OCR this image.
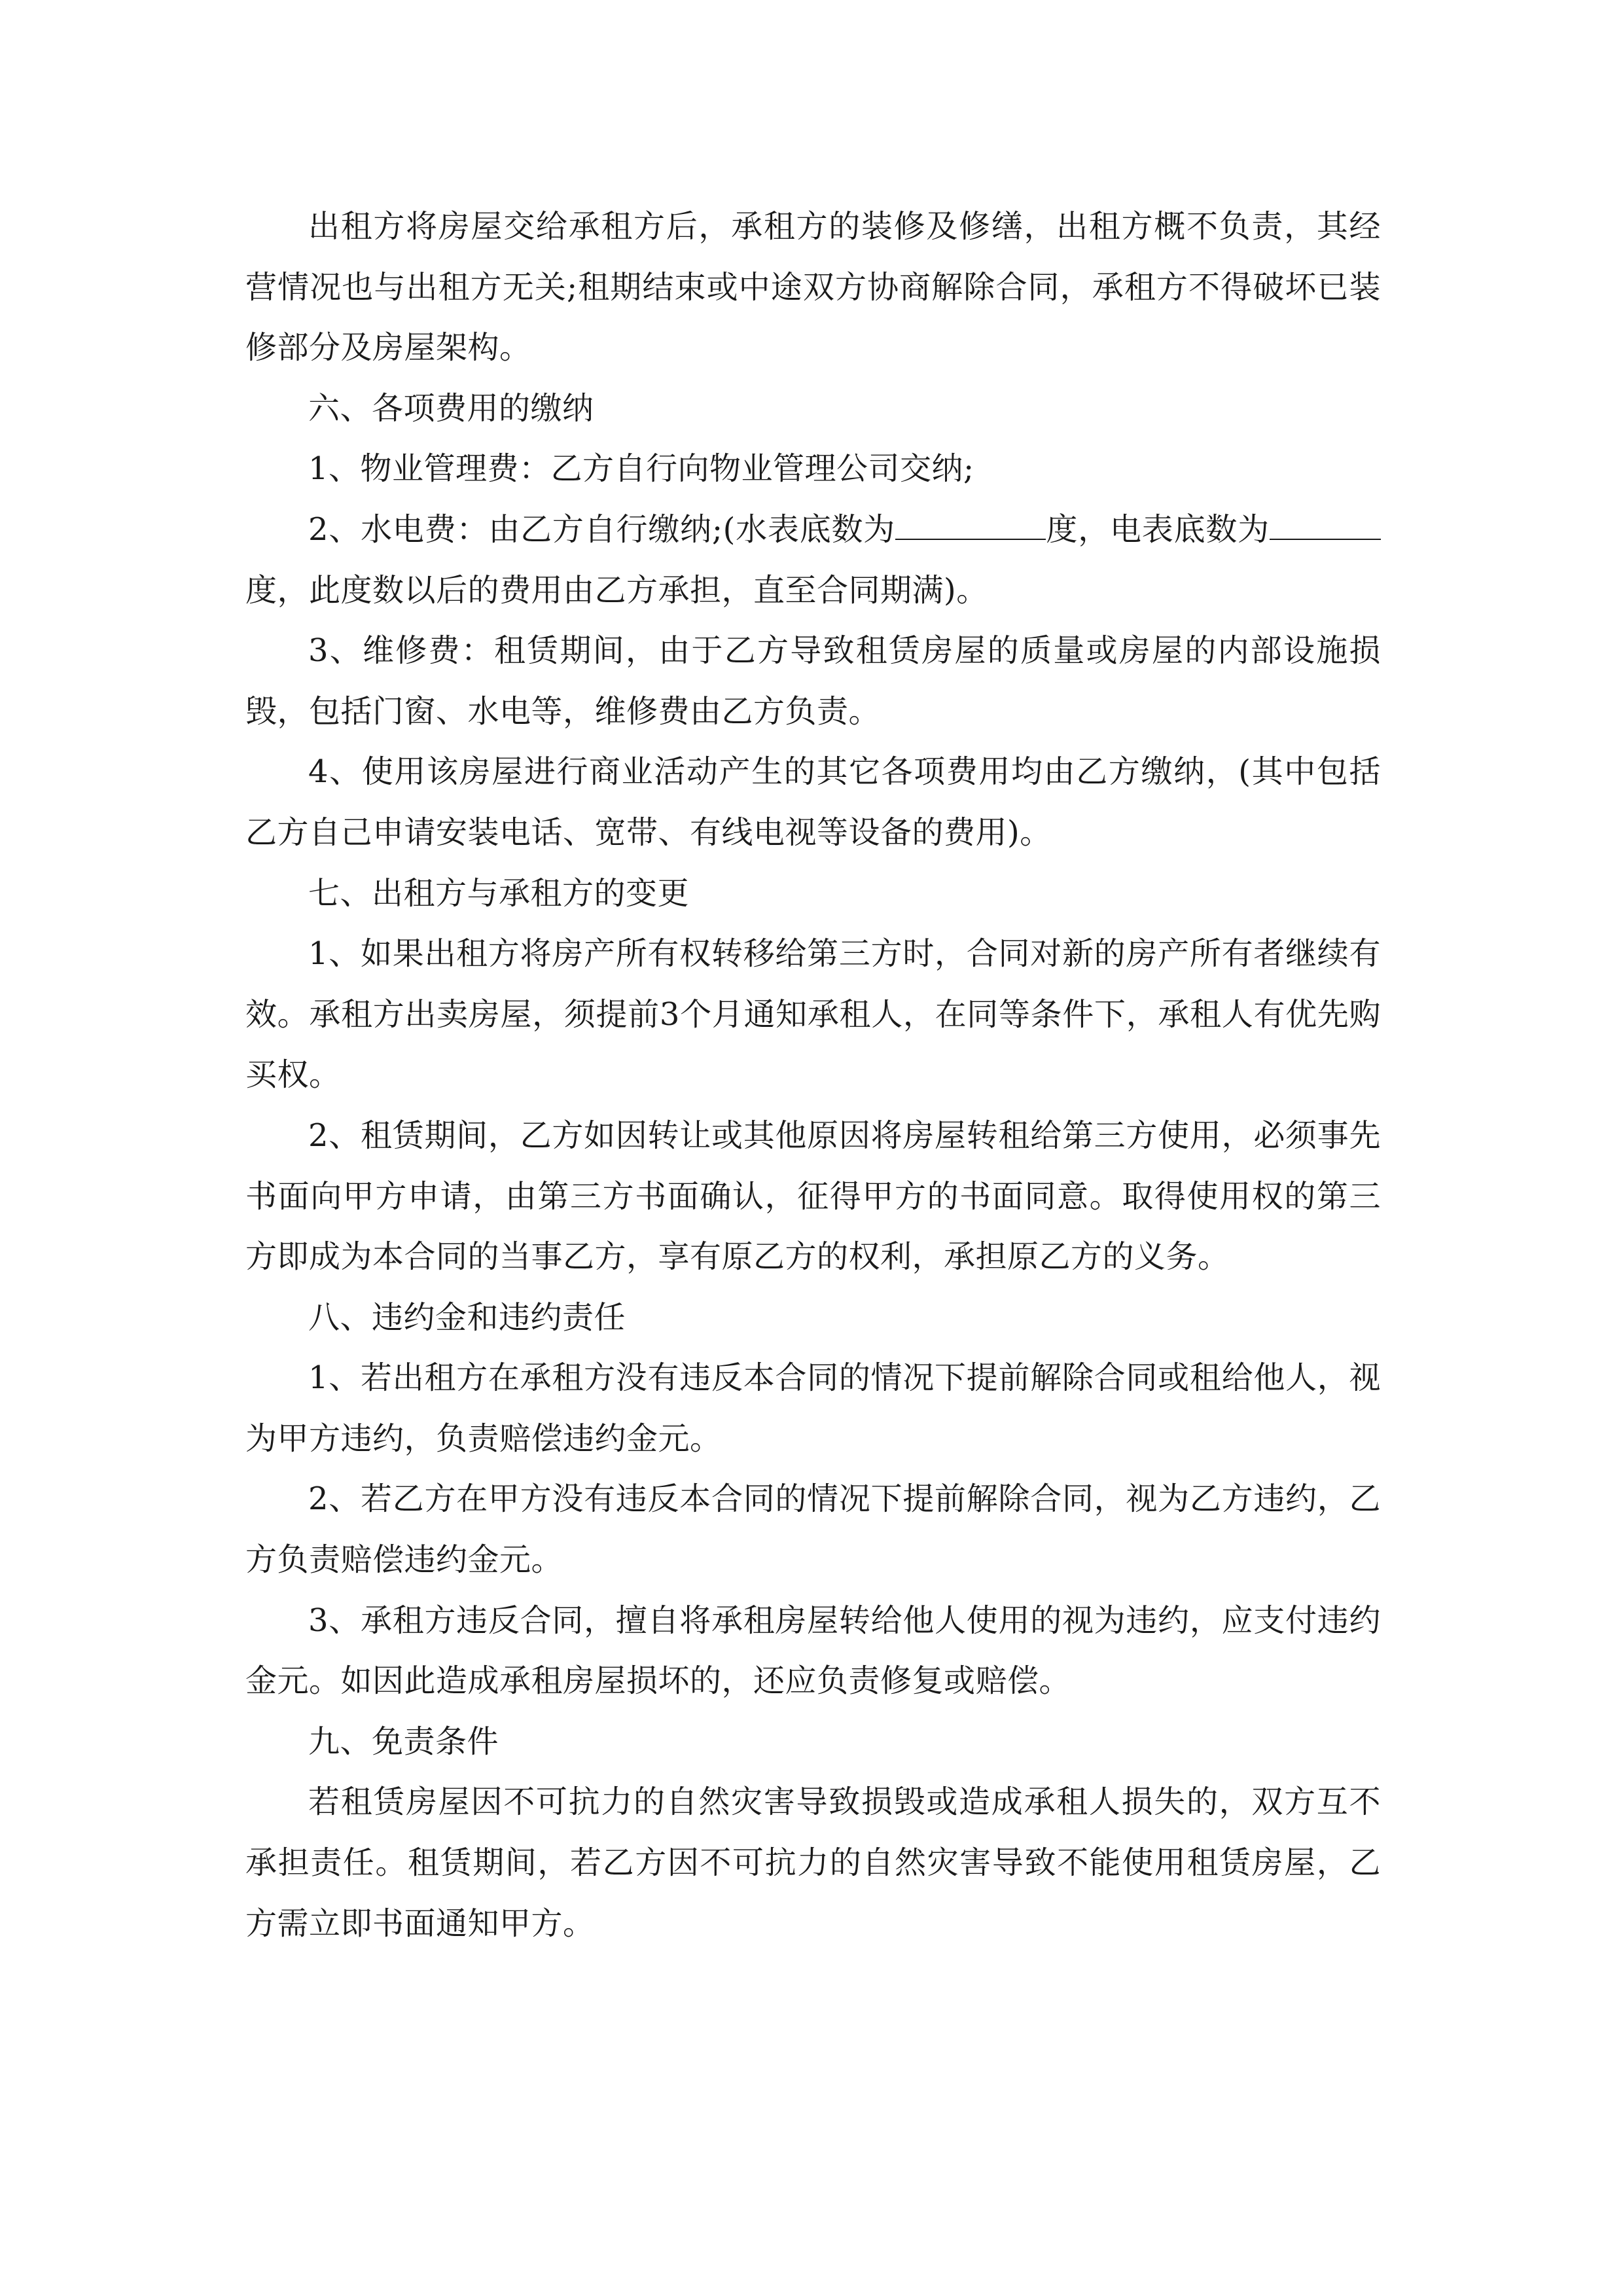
出租方将房屋交给承租方后，承租方的装修及修缮，出租方概不负责，其经营情况也与出租方无关;租期结束或中途双方协商解除合同，承租方不得破坏已装修部分及房屋架构。

六、各项费用的缴纳

1、物业管理费：乙方自行向物业管理公司交纳;

2、水电费：由乙方自行缴纳;(水表底数为	度，电表底数为度，此度数以后的费用由乙方承担，直至合同期满)。

3、维修费：租赁期间，由于乙方导致租赁房屋的质量或房屋的内部设施损毁，包括门窗、水电等，维修费由乙方负责。

4、使用该房屋进行商业活动产生的其它各项费用均由乙方缴纳，(其中包括乙方自己申请安装电话、宽带、有线电视等设备的费用)。

七、出租方与承租方的变更

1、如果出租方将房产所有权转移给第三方时，合同对新的房产所有者继续有效。承租方出卖房屋，须提前3个月通知承租人，在同等条件下，承租人有优先购买权。

2、租赁期间，乙方如因转让或其他原因将房屋转租给第三方使用，必须事先书面向甲方申请，由第三方书面确认，征得甲方的书面同意。取得使用权的第三方即成为本合同的当事乙方，享有原乙方的权利，承担原乙方的义务。

八、违约金和违约责任

1、若出租方在承租方没有违反本合同的情况下提前解除合同或租给他人，视为甲方违约，负责赔偿违约金元。

2、若乙方在甲方没有违反本合同的情况下提前解除合同，视为乙方违约，乙方负责赔偿违约金元。

3、承租方违反合同，擅自将承租房屋转给他人使用的视为违约，应支付违约金元。如因此造成承租房屋损坏的，还应负责修复或赔偿。

九、免责条件

若租赁房屋因不可抗力的自然灾害导致损毁或造成承租人损失的，双方互不承担责任。租赁期间，若乙方因不可抗力的自然灾害导致不能使用租赁房屋，乙方需立即书面通知甲方。
